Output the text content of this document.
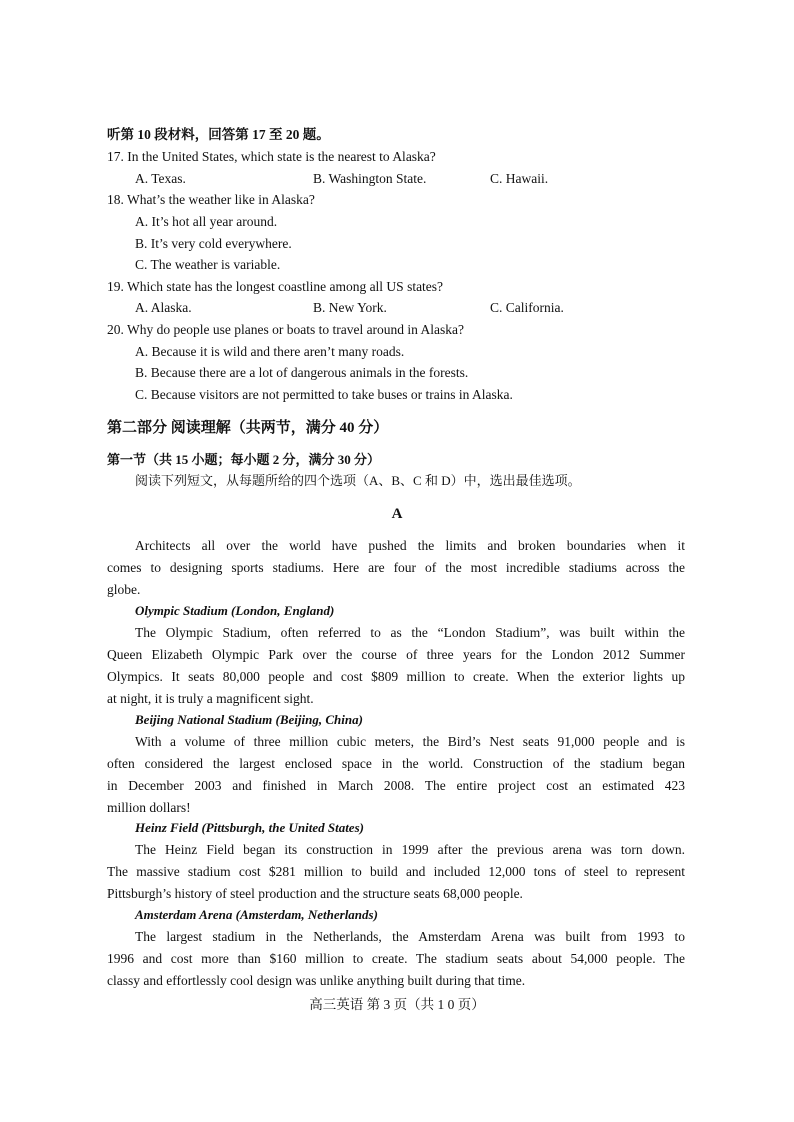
听第 10 段材料，回答第 17 至 20 题。
17. In the United States, which state is the nearest to Alaska?
A. Texas.	B. Washington State.	C. Hawaii.
18. What’s the weather like in Alaska?
A. It’s hot all year around.
B. It’s very cold everywhere.
C. The weather is variable.
19. Which state has the longest coastline among all US states?
A. Alaska.	B. New York.	C. California.
20. Why do people use planes or boats to travel around in Alaska?
A. Because it is wild and there aren’t many roads.
B. Because there are a lot of dangerous animals in the forests.
C. Because visitors are not permitted to take buses or trains in Alaska.
第二部分 阅读理解（共两节，满分 40 分）
第一节（共 15 小题；每小题 2 分，满分 30 分）
阅读下列短文，从每题所给的四个选项（A、B、C 和 D）中，选出最佳选项。
A
Architects all over the world have pushed the limits and broken boundaries when it
comes to designing sports stadiums. Here are four of the most incredible stadiums across the
globe.
Olympic Stadium (London, England)
The Olympic Stadium, often referred to as the “London Stadium”, was built within the
Queen Elizabeth Olympic Park over the course of three years for the London 2012 Summer
Olympics. It seats 80,000 people and cost $809 million to create. When the exterior lights up
at night, it is truly a magnificent sight.
Beijing National Stadium (Beijing, China)
With a volume of three million cubic meters, the Bird’s Nest seats 91,000 people and is
often considered the largest enclosed space in the world. Construction of the stadium began
in December 2003 and finished in March 2008. The entire project cost an estimated 423
million dollars!
Heinz Field (Pittsburgh, the United States)
The Heinz Field began its construction in 1999 after the previous arena was torn down.
The massive stadium cost $281 million to build and included 12,000 tons of steel to represent
Pittsburgh’s history of steel production and the structure seats 68,000 people.
Amsterdam Arena (Amsterdam, Netherlands)
The largest stadium in the Netherlands, the Amsterdam Arena was built from 1993 to
1996 and cost more than $160 million to create. The stadium seats about 54,000 people. The
classy and effortlessly cool design was unlike anything built during that time.
高三英语 第 3 页（共 1 0 页）
